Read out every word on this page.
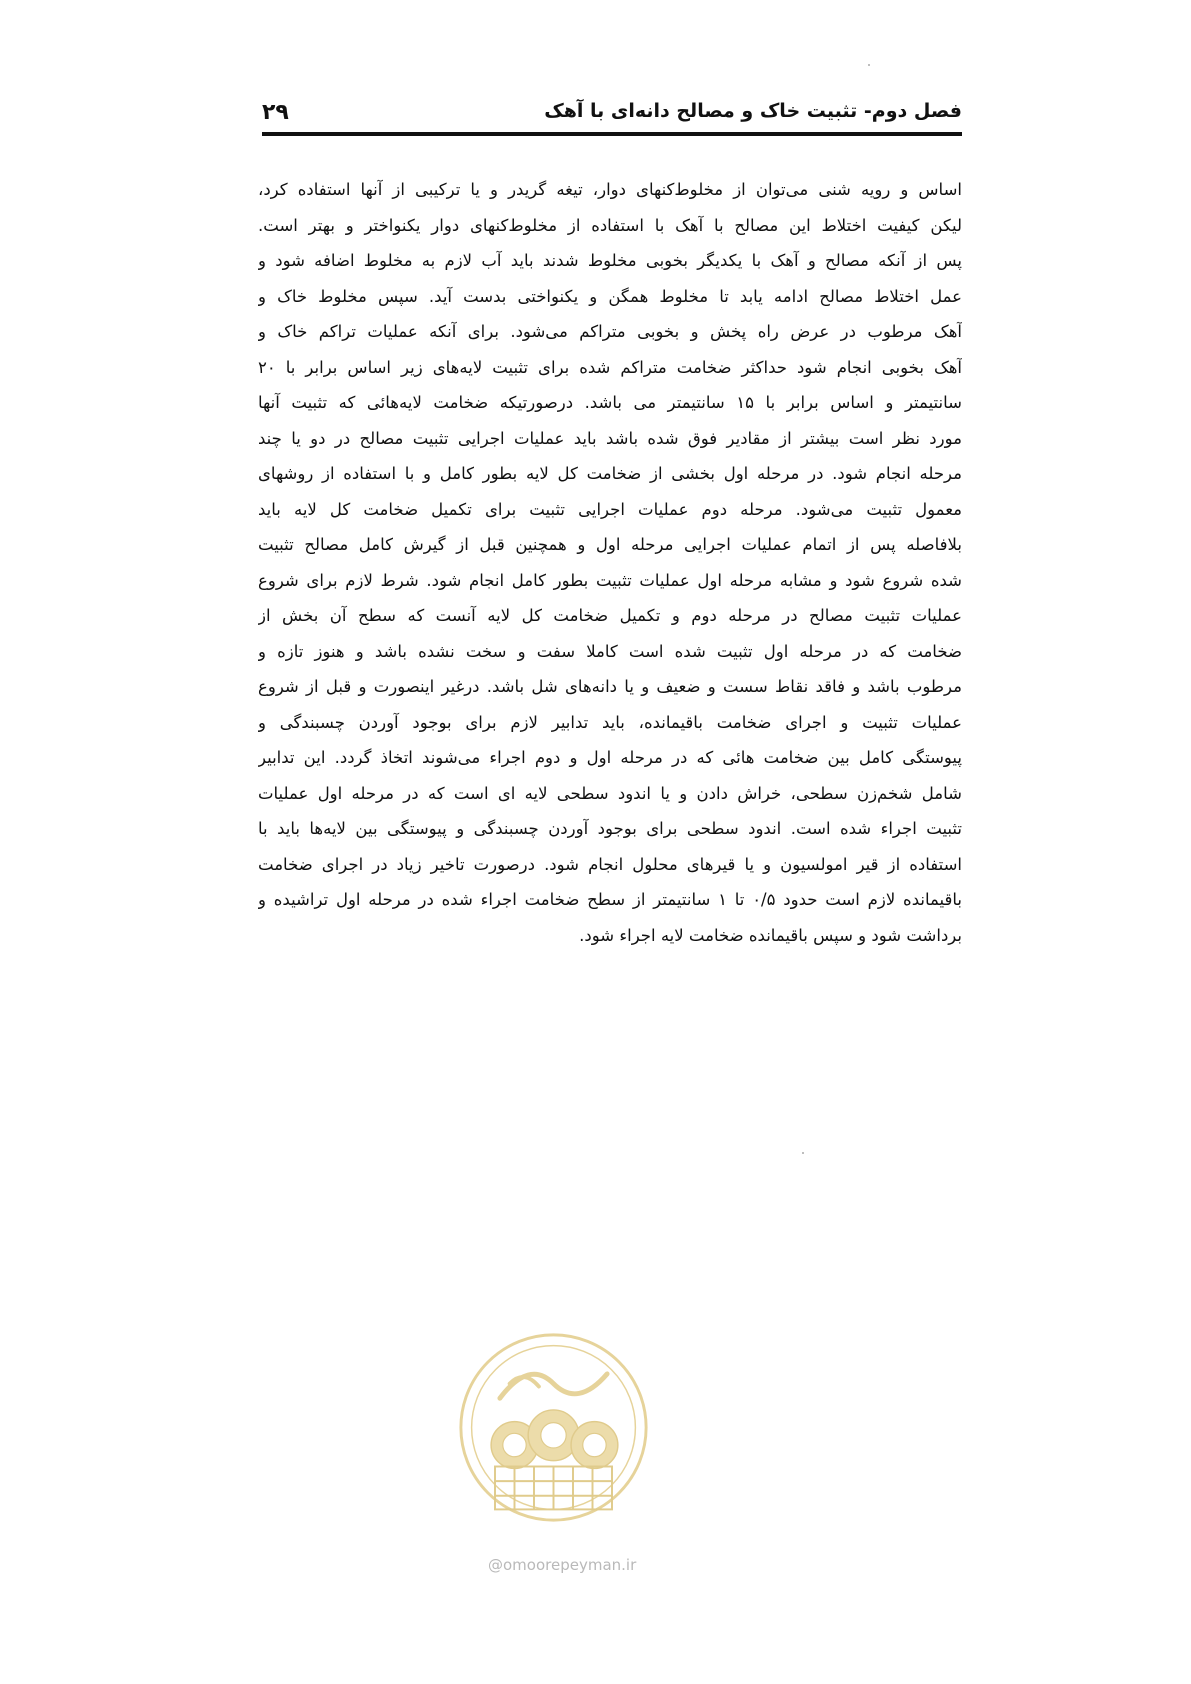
۲۹	فصل دوم- تثبیت خاک و مصالح دانه‌ای با آهک
اساس و رویه شنی می‌توان از مخلوط‌کنهای دوار، تیغه گریدر و یا ترکیبی از آنها استفاده کرد،
لیکن کیفیت اختلاط این مصالح با آهک با استفاده از مخلوط‌کنهای دوار یکنواختر و بهتر است.
پس از آنکه مصالح و آهک با یکدیگر بخوبی مخلوط شدند باید آب لازم به مخلوط اضافه شود و
عمل اختلاط مصالح ادامه یابد تا مخلوط همگن و یکنواختی بدست آید. سپس مخلوط خاک و
آهک مرطوب در عرض راه پخش و بخوبی متراکم می‌شود. برای آنکه عملیات تراکم خاک و
آهک بخوبی انجام شود حداکثر ضخامت متراکم شده برای تثبیت لایه‌های زیر اساس برابر با ۲۰
سانتیمتر و اساس برابر با ۱۵ سانتیمتر می باشد. درصورتیکه ضخامت لایه‌هائی که تثبیت آنها
مورد نظر است بیشتر از مقادیر فوق شده باشد باید عملیات اجرایی تثبیت مصالح در دو یا چند
مرحله انجام شود. در مرحله اول بخشی از ضخامت کل لایه بطور کامل و با استفاده از روشهای
معمول تثبیت می‌شود. مرحله دوم عملیات اجرایی تثبیت برای تکمیل ضخامت کل لایه باید
بلافاصله پس از اتمام عملیات اجرایی مرحله اول و همچنین قبل از گیرش کامل مصالح تثبیت
شده شروع شود و مشابه مرحله اول عملیات تثبیت بطور کامل انجام شود. شرط لازم برای شروع
عملیات تثبیت مصالح در مرحله دوم و تکمیل ضخامت کل لایه آنست که سطح آن بخش از
ضخامت که در مرحله اول تثبیت شده است کاملا سفت و سخت نشده باشد و هنوز تازه و
مرطوب باشد و فاقد نقاط سست و ضعیف و یا دانه‌های شل باشد. درغیر اینصورت و قبل از شروع
عملیات تثبیت و اجرای ضخامت باقیمانده، باید تدابیر لازم برای بوجود آوردن چسبندگی و
پیوستگی کامل بین ضخامت هائی که در مرحله اول و دوم اجراء می‌شوند اتخاذ گردد. این تدابیر
شامل شخم‌زن سطحی، خراش دادن و یا اندود سطحی لایه ای است که در مرحله اول عملیات
تثبیت اجراء شده است. اندود سطحی برای بوجود آوردن چسبندگی و پیوستگی بین لایه‌ها باید با
استفاده از قیر امولسیون و یا قیرهای محلول انجام شود. درصورت تاخیر زیاد در اجرای ضخامت
باقیمانده لازم است حدود ۰/۵ تا ۱ سانتیمتر از سطح ضخامت اجراء شده در مرحله اول تراشیده و
برداشت شود و سپس باقیمانده ضخامت لایه اجراء شود.
@omoorepeyman.ir
